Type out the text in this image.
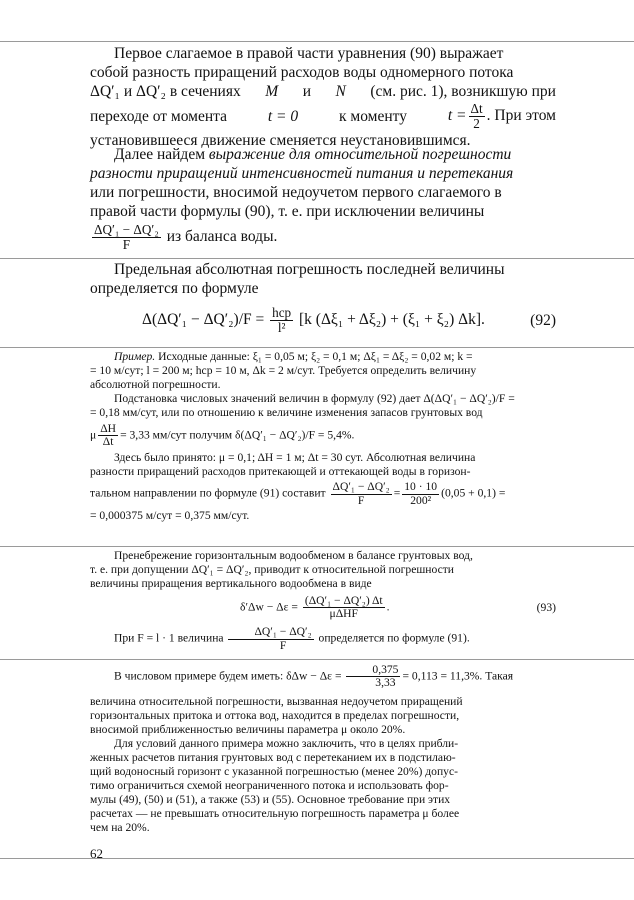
Первое слагаемое в правой части уравнения (90) выражает

собой разность приращений расходов воды одномерного потока

ΔQ′₁ и ΔQ′₂ в сечениях M и N (см. рис. 1), возникшую при

переходе от момента	t = 0	к моменту	$t = \frac{\Delta t}{2}$ . При этом

установившееся движение сменяется неустановившимся.

Далее найдем выражение для относительной погрешности

разности приращений интенсивностей питания и перетекания

или погрешности, вносимой недоучетом первого слагаемого в

правой части формулы (90), т. е. при исключении величины

$\frac{\text{ΔQ′₁ − ΔQ′₂}}{F}$ из баланса воды.

Предельная абсолютная погрешность последней величины

определяется по формуле

$\Delta(\Delta Q'_1 - \Delta Q'_2)/F = \frac{\text{hcp}}{\text{l²}} [k$ (Δξ₁ + Δξ₂) + (ξ₁ + ξ₂) Δk].	(92)

Пример. Исходные данные: ξ₁ = 0,05 м; ξ₂ = 0,1 м; Δξ₁ = Δξ₂ = 0,02 м; k =

= 10 м/сут; l = 200 м; hcp = 10 м, Δk = 2 м/сут. Требуется определить величину

абсолютной погрешности.

Подстановка числовых значений величин в формулу (92) дает Δ(ΔQ′₁ − ΔQ′₂)/F =

= 0,18 мм/сут, или по отношению к величине изменения запасов грунтовых вод

μ $\frac{\Delta H}{\Delta t} = 3,33$ мм/сут получим δ(ΔQ′₁ − ΔQ′₂)/F = 5,4%.

Здесь было принято: μ = 0,1; ΔH = 1 м; Δt = 30 сут. Абсолютная величина

разности приращений расходов притекающей и оттекающей воды в горизон-

тальном направлении по формуле (91) составит $\frac{\text{ΔQ′₁ − ΔQ′₂}}{F} = \frac{10 \cdot 10}{\text{200²}} (0,05 + 0,1)$ =

= 0,000375 м/сут = 0,375 мм/сут.

Пренебрежение горизонтальным водообменом в балансе грунтовых вод,

т. е. при допущении ΔQ′₁ = ΔQ′₂, приводит к относительной погрешности

величины приращения вертикального водообмена в виде

$\delta'\Delta w - \Delta\varepsilon = \frac{\text{(ΔQ′₁ − ΔQ′₂) Δt}}{\text{μΔHF}}$ .	(93)

При F = l · 1 величина $\frac{\text{ΔQ′₁ − ΔQ′₂}}{F}$ определяется по формуле (91).

В числовом примере будем иметь: $\delta\Delta w - \Delta\varepsilon = \frac{0,375}{3,33} = 0,113 = 11,3\%$. Такая

величина относительной погрешности, вызванная недоучетом приращений

горизонтальных притока и оттока вод, находится в пределах погрешности,

вносимой приближенностью величины параметра μ около 20%.

Для условий данного примера можно заключить, что в целях прибли-

женных расчетов питания грунтовых вод с перетеканием их в подстилаю-

щий водоносный горизонт с указанной погрешностью (менее 20%) допус-

тимо ограничиться схемой неограниченного потока и использовать фор-

мулы (49), (50) и (51), а также (53) и (55). Основное требование при этих

расчетах — не превышать относительную погрешность параметра μ более

чем на 20%.

62
